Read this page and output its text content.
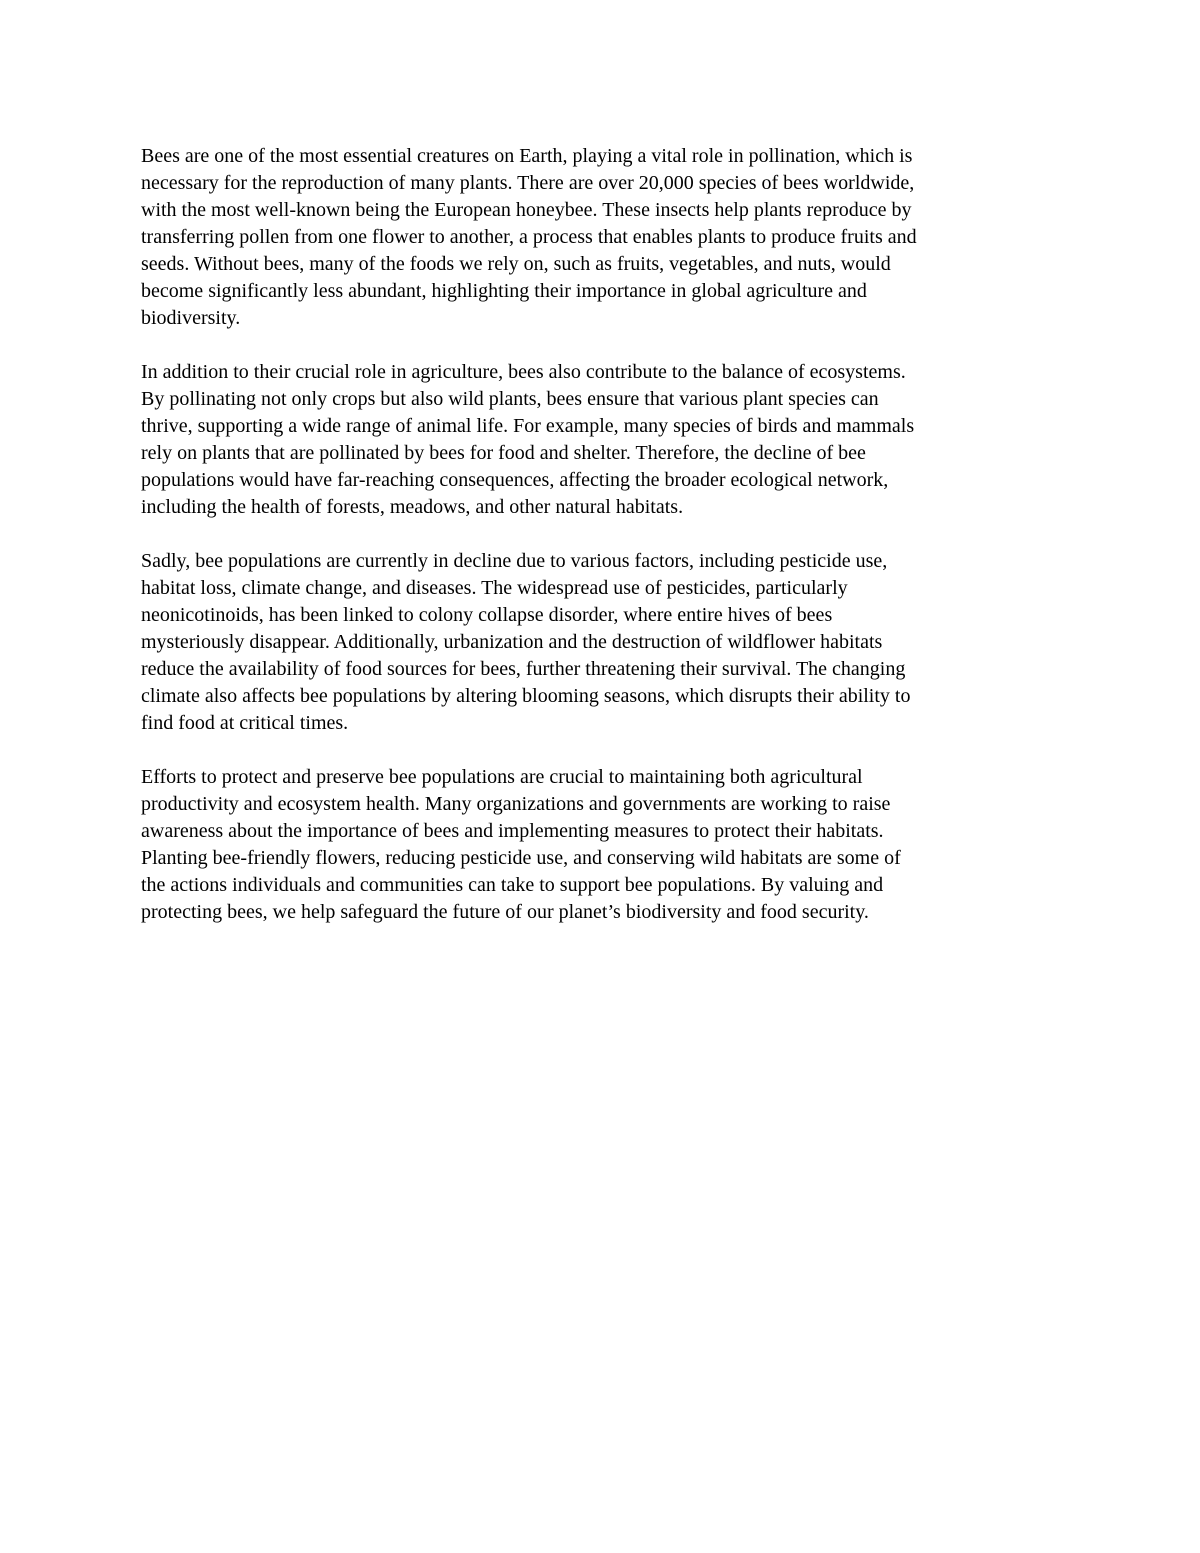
Bees are one of the most essential creatures on Earth, playing a vital role in pollination, which is
necessary for the reproduction of many plants. There are over 20,000 species of bees worldwide,
with the most well-known being the European honeybee. These insects help plants reproduce by
transferring pollen from one flower to another, a process that enables plants to produce fruits and
seeds. Without bees, many of the foods we rely on, such as fruits, vegetables, and nuts, would
become significantly less abundant, highlighting their importance in global agriculture and
biodiversity.

In addition to their crucial role in agriculture, bees also contribute to the balance of ecosystems.
By pollinating not only crops but also wild plants, bees ensure that various plant species can
thrive, supporting a wide range of animal life. For example, many species of birds and mammals
rely on plants that are pollinated by bees for food and shelter. Therefore, the decline of bee
populations would have far-reaching consequences, affecting the broader ecological network,
including the health of forests, meadows, and other natural habitats.

Sadly, bee populations are currently in decline due to various factors, including pesticide use,
habitat loss, climate change, and diseases. The widespread use of pesticides, particularly
neonicotinoids, has been linked to colony collapse disorder, where entire hives of bees
mysteriously disappear. Additionally, urbanization and the destruction of wildflower habitats
reduce the availability of food sources for bees, further threatening their survival. The changing
climate also affects bee populations by altering blooming seasons, which disrupts their ability to
find food at critical times.

Efforts to protect and preserve bee populations are crucial to maintaining both agricultural
productivity and ecosystem health. Many organizations and governments are working to raise
awareness about the importance of bees and implementing measures to protect their habitats.
Planting bee-friendly flowers, reducing pesticide use, and conserving wild habitats are some of
the actions individuals and communities can take to support bee populations. By valuing and
protecting bees, we help safeguard the future of our planet’s biodiversity and food security.
